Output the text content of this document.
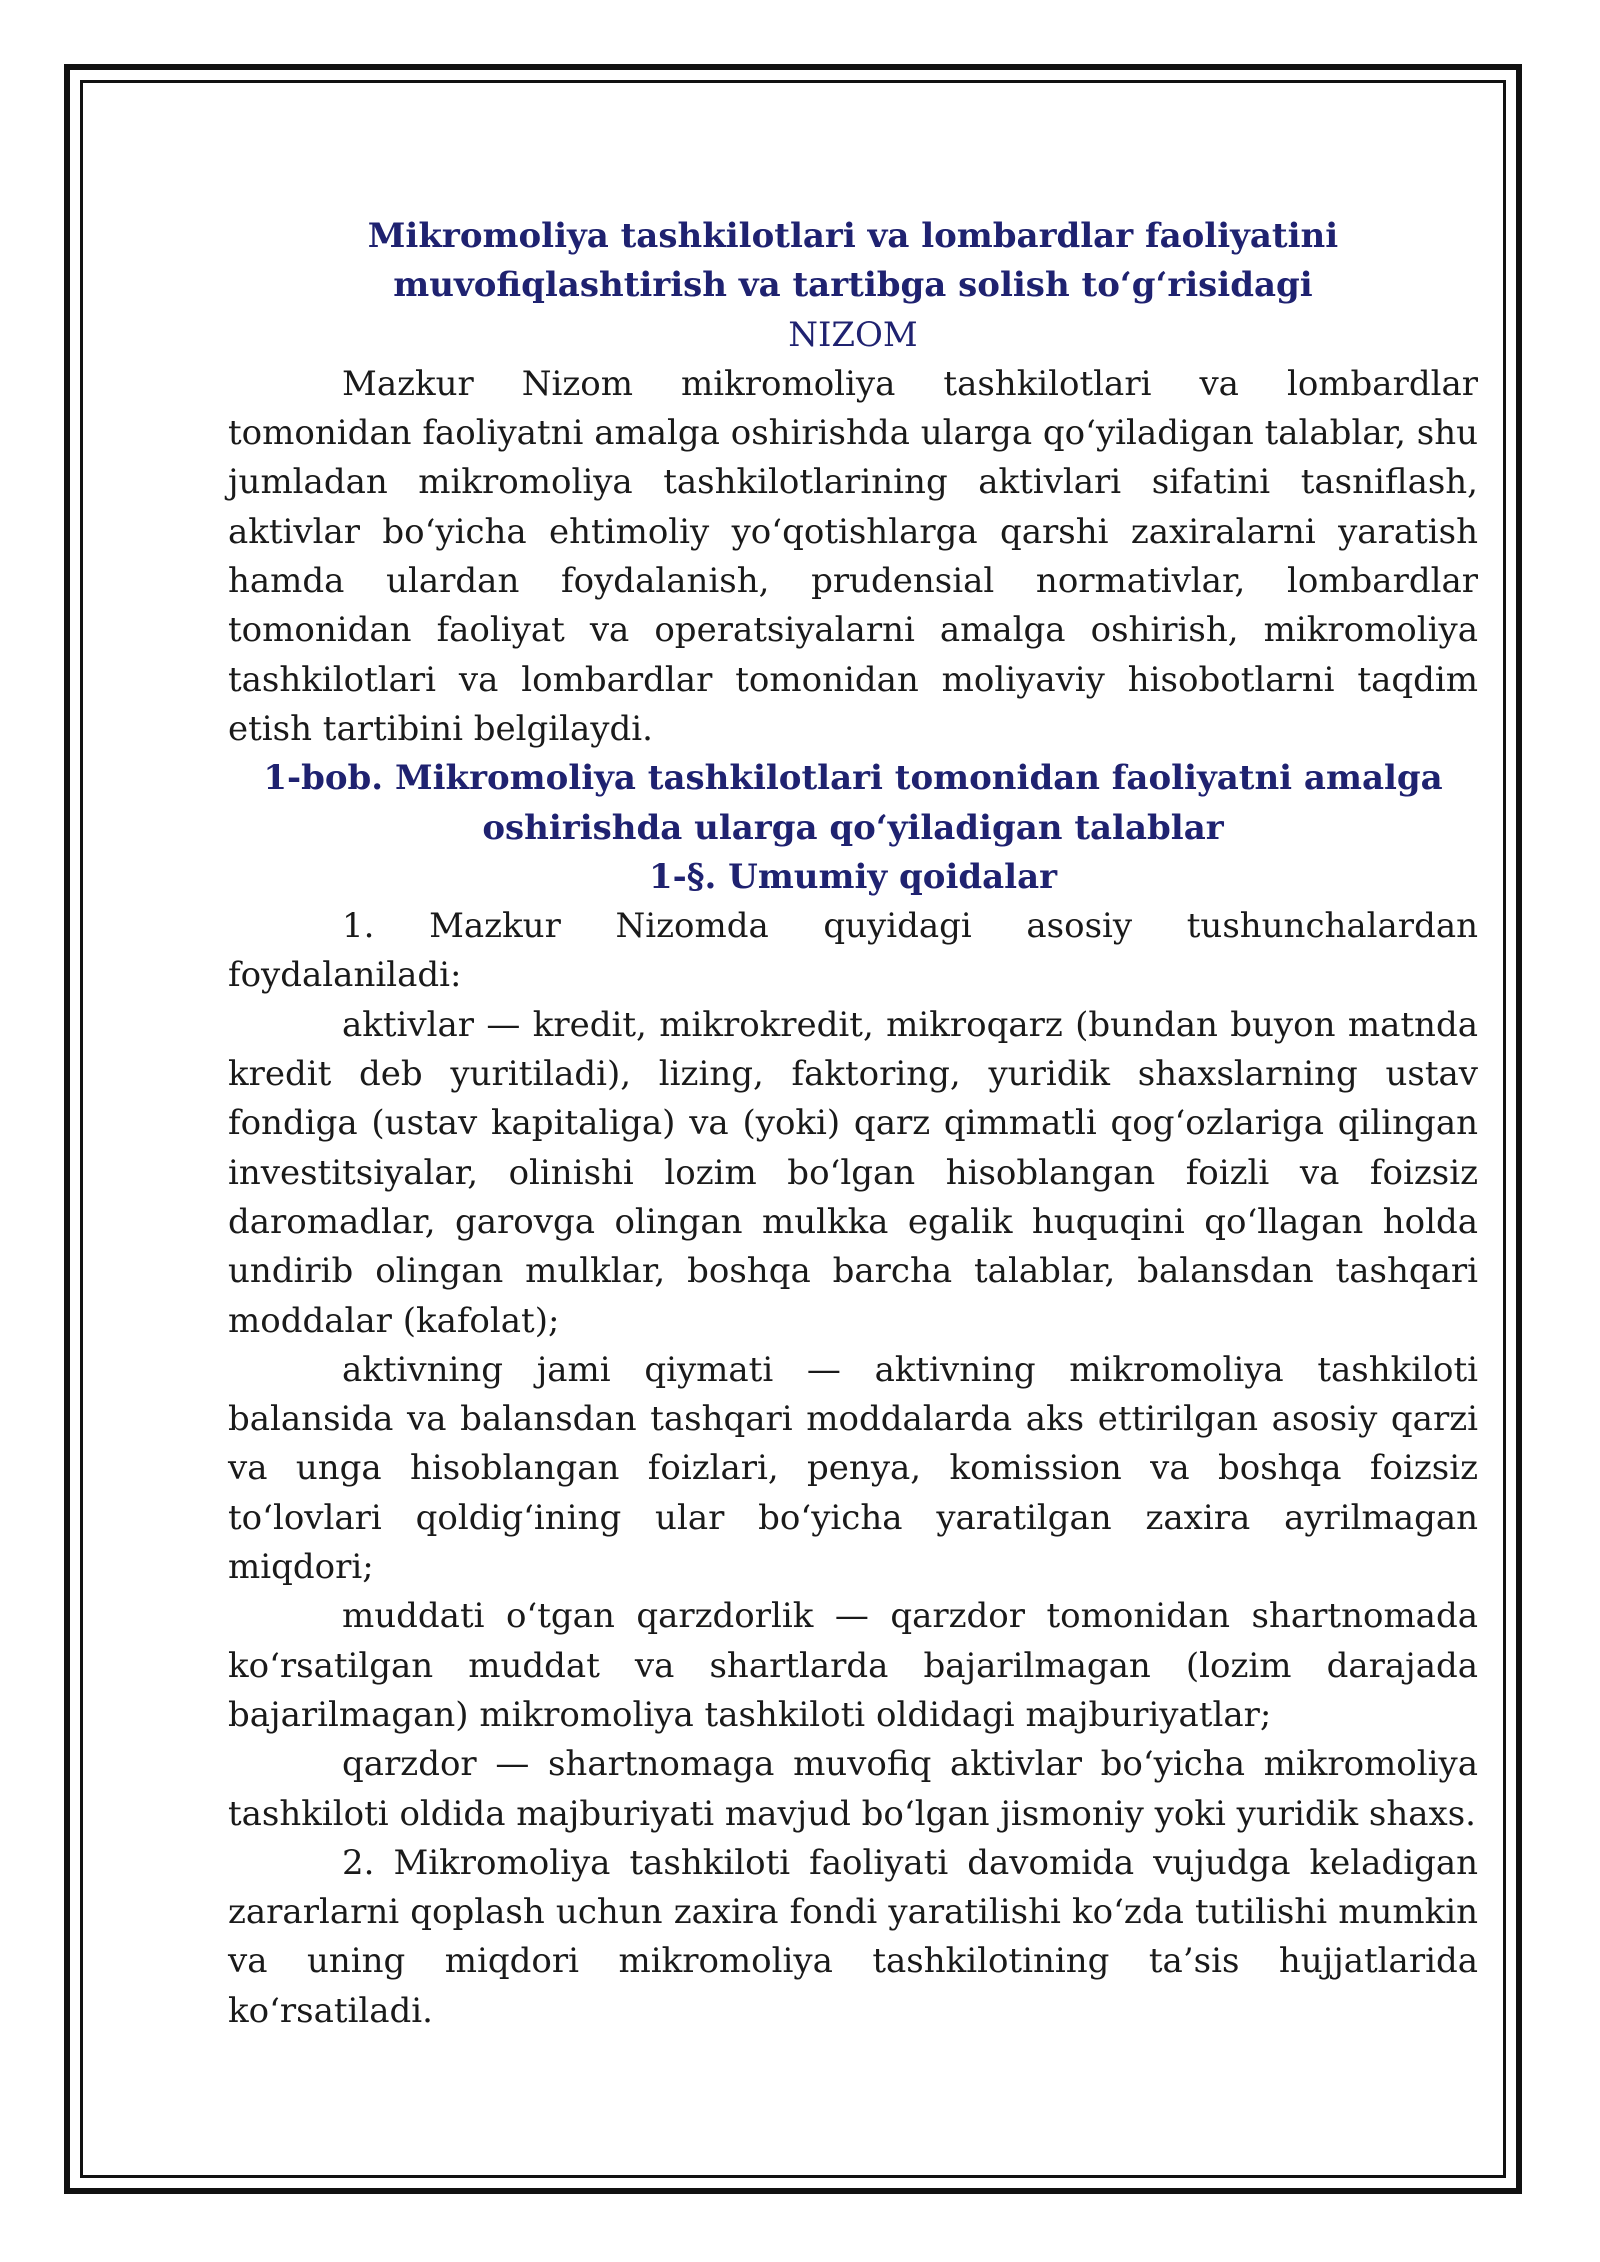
Mikromoliya tashkilotlari va lombardlar faoliyatini
muvofiqlashtirish va tartibga solish to‘g‘risidagi
NIZOM

Mazkur Nizom mikromoliya tashkilotlari va lombardlar tomonidan faoliyatni amalga oshirishda ularga qo‘yiladigan talablar, shu jumladan mikromoliya tashkilotlarining aktivlari sifatini tasniflash, aktivlar bo‘yicha ehtimoliy yo‘qotishlarga qarshi zaxiralarni yaratish hamda ulardan foydalanish, prudensial normativlar, lombardlar tomonidan faoliyat va operatsiyalarni amalga oshirish, mikromoliya tashkilotlari va lombardlar tomonidan moliyaviy hisobotlarni taqdim etish tartibini belgilaydi.

1-bob. Mikromoliya tashkilotlari tomonidan faoliyatni amalga
oshirishda ularga qo‘yiladigan talablar
1-§. Umumiy qoidalar

1. Mazkur Nizomda quyidagi asosiy tushunchalardan foydalaniladi:

aktivlar — kredit, mikrokredit, mikroqarz (bundan buyon matnda kredit deb yuritiladi), lizing, faktoring, yuridik shaxslarning ustav fondiga (ustav kapitaliga) va (yoki) qarz qimmatli qog‘ozlariga qilingan investitsiyalar, olinishi lozim bo‘lgan hisoblangan foizli va foizsiz daromadlar, garovga olingan mulkka egalik huquqini qo‘llagan holda undirib olingan mulklar, boshqa barcha talablar, balansdan tashqari moddalar (kafolat);

aktivning jami qiymati — aktivning mikromoliya tashkiloti balansida va balansdan tashqari moddalarda aks ettirilgan asosiy qarzi va unga hisoblangan foizlari, penya, komission va boshqa foizsiz to‘lovlari qoldig‘ining ular bo‘yicha yaratilgan zaxira ayrilmagan miqdori;

muddati o‘tgan qarzdorlik — qarzdor tomonidan shartnomada ko‘rsatilgan muddat va shartlarda bajarilmagan (lozim darajada bajarilmagan) mikromoliya tashkiloti oldidagi majburiyatlar;

qarzdor — shartnomaga muvofiq aktivlar bo‘yicha mikromoliya tashkiloti oldida majburiyati mavjud bo‘lgan jismoniy yoki yuridik shaxs.

2. Mikromoliya tashkiloti faoliyati davomida vujudga keladigan zararlarni qoplash uchun zaxira fondi yaratilishi ko‘zda tutilishi mumkin va uning miqdori mikromoliya tashkilotining ta’sis hujjatlarida ko‘rsatiladi.
